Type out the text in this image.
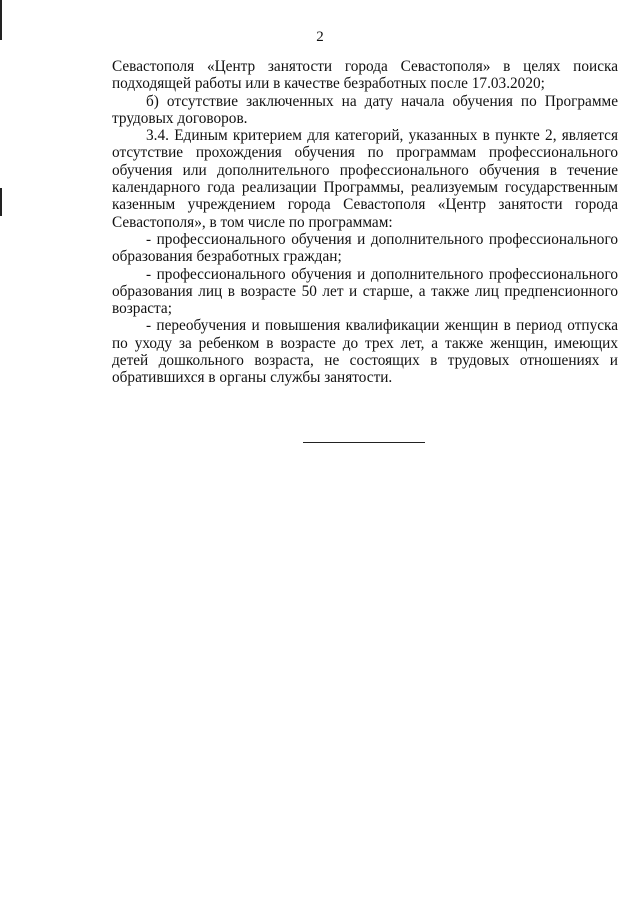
2

Севастополя «Центр занятости города Севастополя» в целях поиска подходящей работы или в качестве безработных после 17.03.2020;

б) отсутствие заключенных на дату начала обучения по Программе трудовых договоров.

3.4. Единым критерием для категорий, указанных в пункте 2, является отсутствие прохождения обучения по программам профессионального обучения или дополнительного профессионального обучения в течение календарного года реализации Программы, реализуемым государственным казенным учреждением города Севастополя «Центр занятости города Севастополя», в том числе по программам:

- профессионального обучения и дополнительного профессионального образования безработных граждан;

- профессионального обучения и дополнительного профессионального образования лиц в возрасте 50 лет и старше, а также лиц предпенсионного возраста;

- переобучения и повышения квалификации женщин в период отпуска по уходу за ребенком в возрасте до трех лет, а также женщин, имеющих детей дошкольного возраста, не состоящих в трудовых отношениях и обратившихся в органы службы занятости.
